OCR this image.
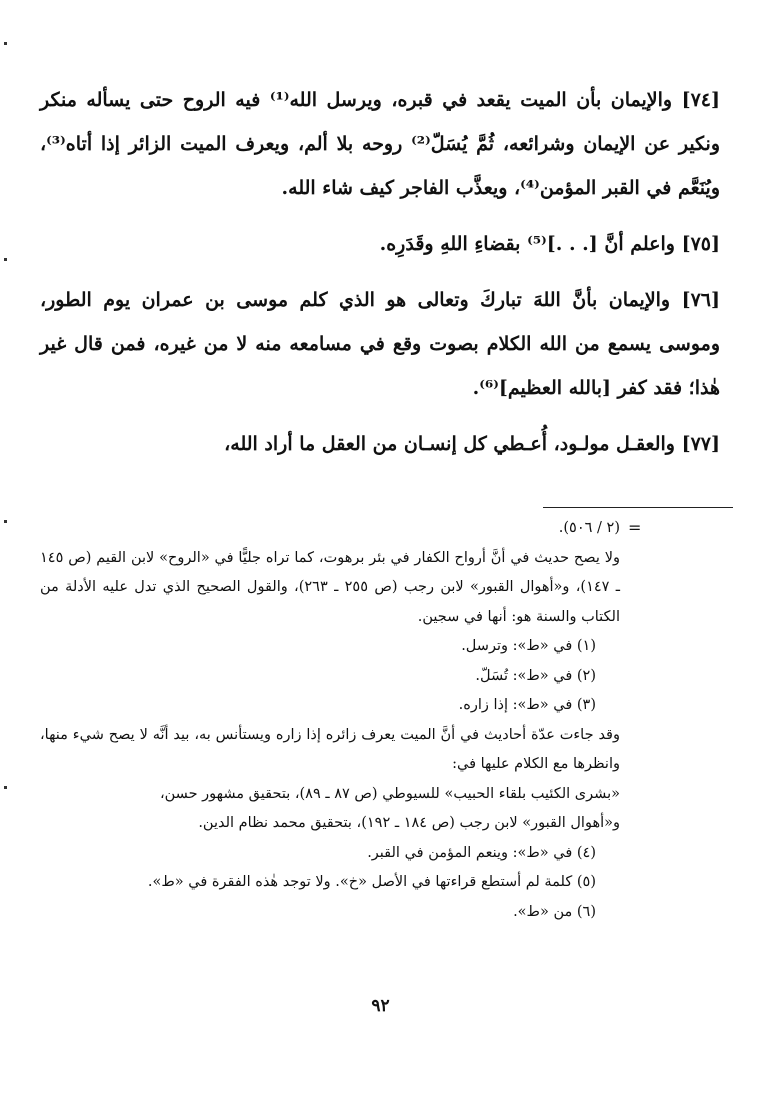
[٧٤] والإيمان بأن الميت يقعد في قبره، ويرسل الله⁽¹⁾ فيه الروح حتى يسأله منكر ونكير عن الإيمان وشرائعه، ثُمَّ يُسَلّ⁽²⁾ روحه بلا ألم، ويعرف الميت الزائر إذا أتاه⁽³⁾، ويُنَعَّم في القبر المؤمن⁽⁴⁾، ويعذَّب الفاجر كيف شاء الله.

[٧٥] واعلم أنَّ [. . .]⁽⁵⁾ بقضاءِ اللهِ وقَدَرِه.

[٧٦] والإيمان بأنَّ اللهَ تباركَ وتعالى هو الذي كلم موسى بن عمران يوم الطور، وموسى يسمع من الله الكلام بصوت وقع في مسامعه منه لا من غيره، فمن قال غير هٰذا؛ فقد كفر [بالله العظيم]⁽⁶⁾.

[٧٧] والعقـل مولـود، أُعـطي كل إنسـان من العقل ما أراد الله،

=

(٢ / ٥٠٦).

ولا يصح حديث في أنَّ أرواح الكفار في بئر برهوت، كما تراه جليًّا في «الروح» لابن القيم (ص ١٤٥ ـ ١٤٧)، و«أهوال القبور» لابن رجب (ص ٢٥٥ ـ ٢٦٣)، والقول الصحيح الذي تدل عليه الأدلة من الكتاب والسنة هو: أنها في سجين.

(١) في «ط»: وترسل.

(٢) في «ط»: تُسَلّ.

(٣) في «ط»: إذا زاره.

وقد جاءت عدّة أحاديث في أنَّ الميت يعرف زائره إذا زاره ويستأنس به، بيد أنَّه لا يصح شيء منها، وانظرها مع الكلام عليها في:

«بشرى الكئيب بلقاء الحبيب» للسيوطي (ص ٨٧ ـ ٨٩)، بتحقيق مشهور حسن،

و«أهوال القبور» لابن رجب (ص ١٨٤ ـ ١٩٢)، بتحقيق محمد نظام الدين.

(٤) في «ط»: وينعم المؤمن في القبر.

(٥) كلمة لم أستطع قراءتها في الأصل «خ». ولا توجد هٰذه الفقرة في «ط».

(٦) من «ط».

٩٢
